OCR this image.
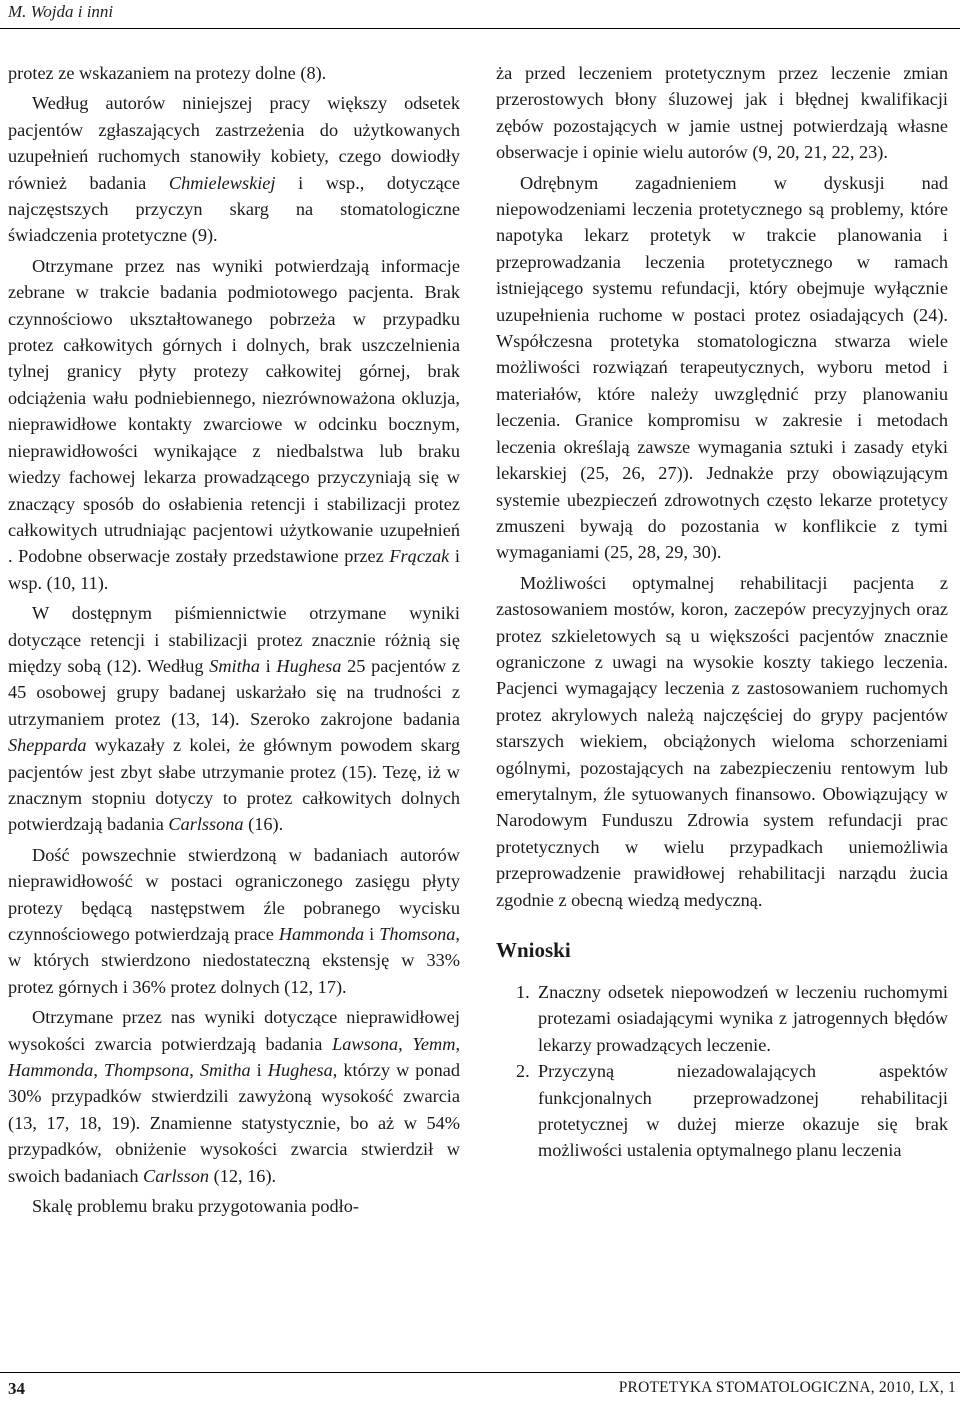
M. Wojda i inni

protez ze wskazaniem na protezy dolne (8).

Według autorów niniejszej pracy większy odsetek pacjentów zgłaszających zastrzeżenia do użytkowanych uzupełnień ruchomych stanowiły kobiety, czego dowiodły również badania Chmielewskiej i wsp., dotyczące najczęstszych przyczyn skarg na stomatologiczne świadczenia protetyczne (9).

Otrzymane przez nas wyniki potwierdzają informacje zebrane w trakcie badania podmiotowego pacjenta. Brak czynnościowo ukształtowanego pobrzeża w przypadku protez całkowitych górnych i dolnych, brak uszczelnienia tylnej granicy płyty protezy całkowitej górnej, brak odciążenia wału podniebiennego, niezrównoważona okluzja, nieprawidłowe kontakty zwarciowe w odcinku bocznym, nieprawidłowości wynikające z niedbalstwa lub braku wiedzy fachowej lekarza prowadzącego przyczyniają się w znaczący sposób do osłabienia retencji i stabilizacji protez całkowitych utrudniając pacjentowi użytkowanie uzupełnień . Podobne obserwacje zostały przedstawione przez Frączak i wsp. (10, 11).

W dostępnym piśmiennictwie otrzymane wyniki dotyczące retencji i stabilizacji protez znacznie różnią się między sobą (12). Według Smitha i Hughesa 25 pacjentów z 45 osobowej grupy badanej uskarżało się na trudności z utrzymaniem protez (13, 14). Szeroko zakrojone badania Shepparda wykazały z kolei, że głównym powodem skarg pacjentów jest zbyt słabe utrzymanie protez (15). Tezę, iż w znacznym stopniu dotyczy to protez całkowitych dolnych potwierdzają badania Carlssona (16).

Dość powszechnie stwierdzoną w badaniach autorów nieprawidłowość w postaci ograniczonego zasięgu płyty protezy będącą następstwem źle pobranego wycisku czynnościowego potwierdzają prace Hammonda i Thomsona, w których stwierdzono niedostateczną ekstensję w 33% protez górnych i 36% protez dolnych (12, 17).

Otrzymane przez nas wyniki dotyczące nieprawidłowej wysokości zwarcia potwierdzają badania Lawsona, Yemm, Hammonda, Thompsona, Smitha i Hughesa, którzy w ponad 30% przypadków stwierdzili zawyżoną wysokość zwarcia (13, 17, 18, 19). Znamienne statystycznie, bo aż w 54% przypadków, obniżenie wysokości zwarcia stwierdził w swoich badaniach Carlsson (12, 16).

Skalę problemu braku przygotowania podło-

ża przed leczeniem protetycznym przez leczenie zmian przerostowych błony śluzowej jak i błędnej kwalifikacji zębów pozostających w jamie ustnej potwierdzają własne obserwacje i opinie wielu autorów (9, 20, 21, 22, 23).

Odrębnym zagadnieniem w dyskusji nad niepowodzeniami leczenia protetycznego są problemy, które napotyka lekarz protetyk w trakcie planowania i przeprowadzania leczenia protetycznego w ramach istniejącego systemu refundacji, który obejmuje wyłącznie uzupełnienia ruchome w postaci protez osiadających (24). Współczesna protetyka stomatologiczna stwarza wiele możliwości rozwiązań terapeutycznych, wyboru metod i materiałów, które należy uwzględnić przy planowaniu leczenia. Granice kompromisu w zakresie i metodach leczenia określają zawsze wymagania sztuki i zasady etyki lekarskiej (25, 26, 27)). Jednakże przy obowiązującym systemie ubezpieczeń zdrowotnych często lekarze protetycy zmuszeni bywają do pozostania w konflikcie z tymi wymaganiami (25, 28, 29, 30).

Możliwości optymalnej rehabilitacji pacjenta z zastosowaniem mostów, koron, zaczepów precyzyjnych oraz protez szkieletowych są u większości pacjentów znacznie ograniczone z uwagi na wysokie koszty takiego leczenia. Pacjenci wymagający leczenia z zastosowaniem ruchomych protez akrylowych należą najczęściej do grypy pacjentów starszych wiekiem, obciążonych wieloma schorzeniami ogólnymi, pozostających na zabezpieczeniu rentowym lub emerytalnym, źle sytuowanych finansowo. Obowiązujący w Narodowym Funduszu Zdrowia system refundacji prac protetycznych w wielu przypadkach uniemożliwia przeprowadzenie prawidłowej rehabilitacji narządu żucia zgodnie z obecną wiedzą medyczną.

Wnioski
1. Znaczny odsetek niepowodzeń w leczeniu ruchomymi protezami osiadającymi wynika z jatrogennych błędów lekarzy prowadzących leczenie.
2. Przyczyną niezadowalających aspektów funkcjonalnych przeprowadzonej rehabilitacji protetycznej w dużej mierze okazuje się brak możliwości ustalenia optymalnego planu leczenia
34	PROTETYKA STOMATOLOGICZNA, 2010, LX, 1
